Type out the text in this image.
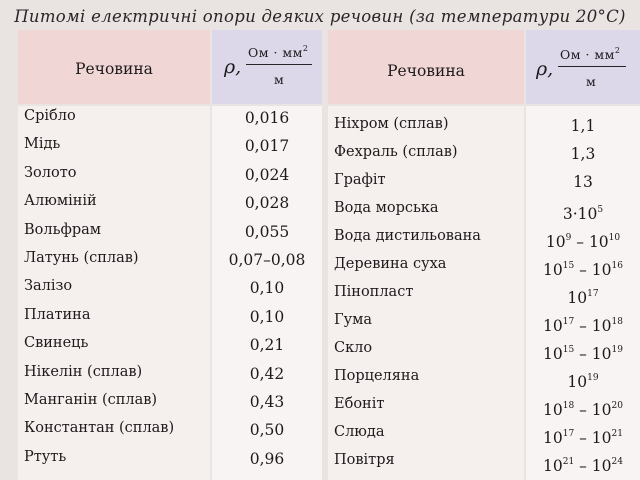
Питомі електричні опори деяких речовин (за температури 20°С)
Речовина	ρ,
Ом · $мм^2$
м
Срібло	0,016
Мідь	0,017
Золото	0,024
Алюміній	0,028
Вольфрам	0,055
Латунь (сплав)	0,07–0,08
Залізо	0,10
Платина	0,10
Свинець	0,21
Нікелін (сплав)	0,42
Манганін (сплав)	0,43
Константан (сплав)	0,50
Ртуть	0,96
Речовина	ρ,
Ом · $мм^2$
м
Ніхром (сплав)	1,1
Фехраль (сплав)	1,3
Графіт	13
Вода морська	$3\cdot 10^5$
Вода дистильована	$10^9 - 10^{10}$
Деревина суха	$10^{15} - 10^{16}$
Пінопласт	$10^{17}$
Гума	$10^{17} - 10^{18}$
Скло	$10^{15} - 10^{19}$
Порцеляна	$10^{19}$
Ебоніт	$10^{18} - 10^{20}$
Слюда	$10^{17} - 10^{21}$
Повітря	$10^{21} - 10^{24}$
